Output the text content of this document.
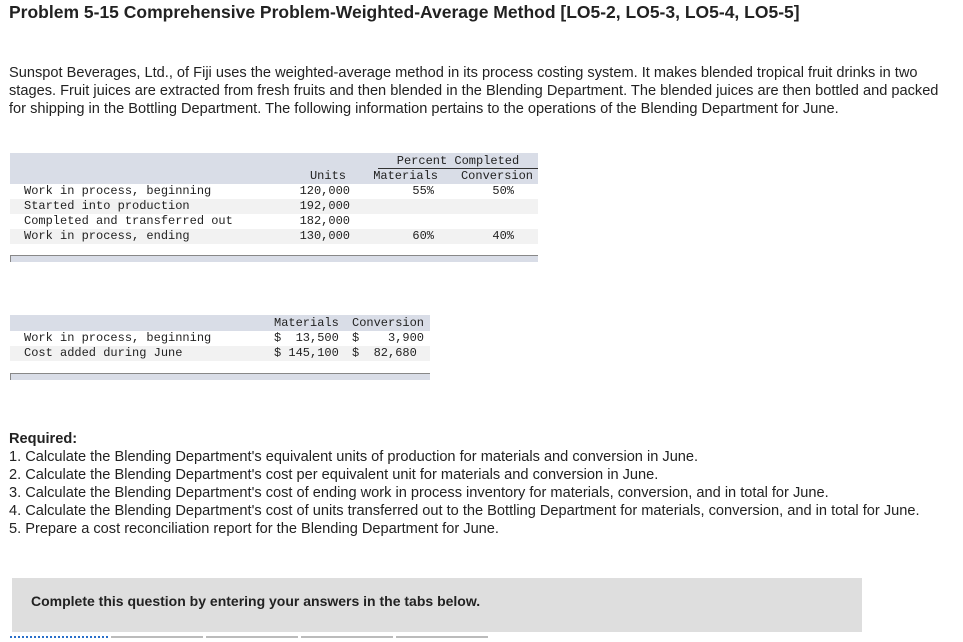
Problem 5-15 Comprehensive Problem-Weighted-Average Method [LO5-2, LO5-3, LO5-4, LO5-5]
Sunspot Beverages, Ltd., of Fiji uses the weighted-average method in its process costing system. It makes blended tropical fruit drinks in two stages. Fruit juices are extracted from fresh fruits and then blended in the Blending Department. The blended juices are then bottled and packed for shipping in the Bottling Department. The following information pertains to the operations of the Blending Department for June.
Percent Completed
Units	Materials	Conversion
Work in process, beginning	120,000	55%	50%
Started into production	192,000
Completed and transferred out	182,000
Work in process, ending	130,000	60%	40%
Materials Conversion
Work in process, beginning	$  13,500 $    3,900
Cost added during June	$ 145,100 $  82,680
Required:
1. Calculate the Blending Department's equivalent units of production for materials and conversion in June.
2. Calculate the Blending Department's cost per equivalent unit for materials and conversion in June.
3. Calculate the Blending Department's cost of ending work in process inventory for materials, conversion, and in total for June.
4. Calculate the Blending Department's cost of units transferred out to the Bottling Department for materials, conversion, and in total for June.
5. Prepare a cost reconciliation report for the Blending Department for June.
Complete this question by entering your answers in the tabs below.
